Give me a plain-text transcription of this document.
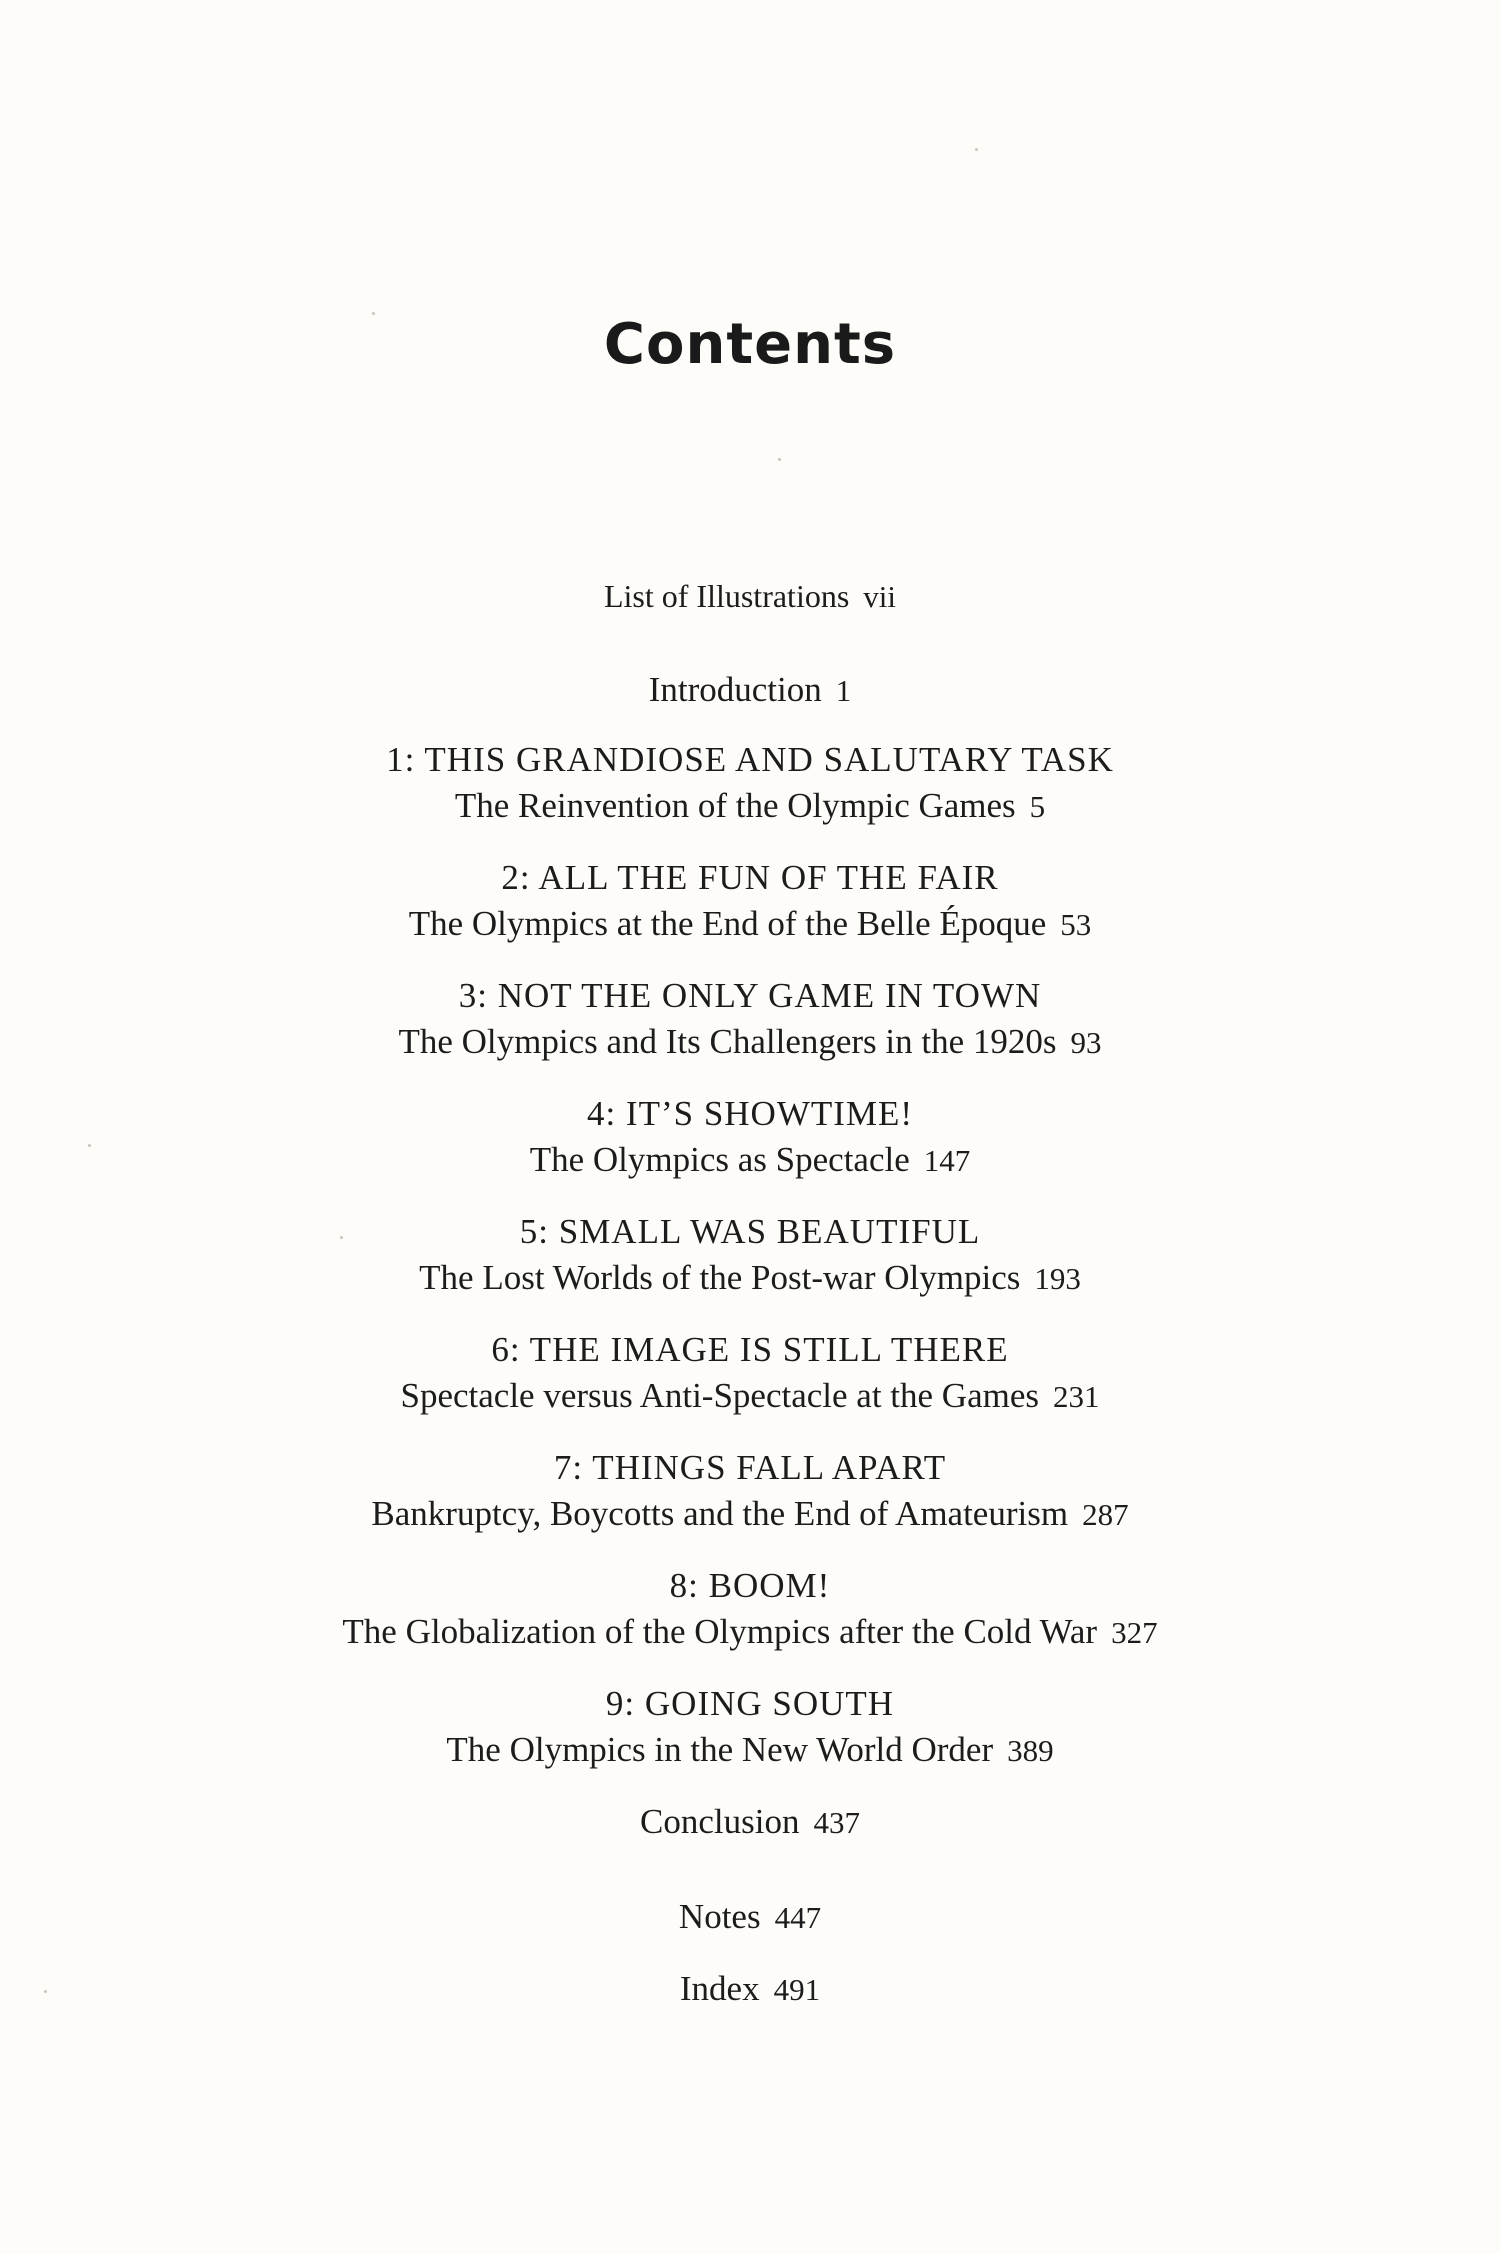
Contents
List of Illustrations vii
Introduction 1
1: THIS GRANDIOSE AND SALUTARY TASK
The Reinvention of the Olympic Games 5
2: ALL THE FUN OF THE FAIR
The Olympics at the End of the Belle Époque 53
3: NOT THE ONLY GAME IN TOWN
The Olympics and Its Challengers in the 1920s 93
4: IT’S SHOWTIME!
The Olympics as Spectacle 147
5: SMALL WAS BEAUTIFUL
The Lost Worlds of the Post-war Olympics 193
6: THE IMAGE IS STILL THERE
Spectacle versus Anti-Spectacle at the Games 231
7: THINGS FALL APART
Bankruptcy, Boycotts and the End of Amateurism 287
8: BOOM!
The Globalization of the Olympics after the Cold War 327
9: GOING SOUTH
The Olympics in the New World Order 389
Conclusion 437
Notes 447
Index 491
